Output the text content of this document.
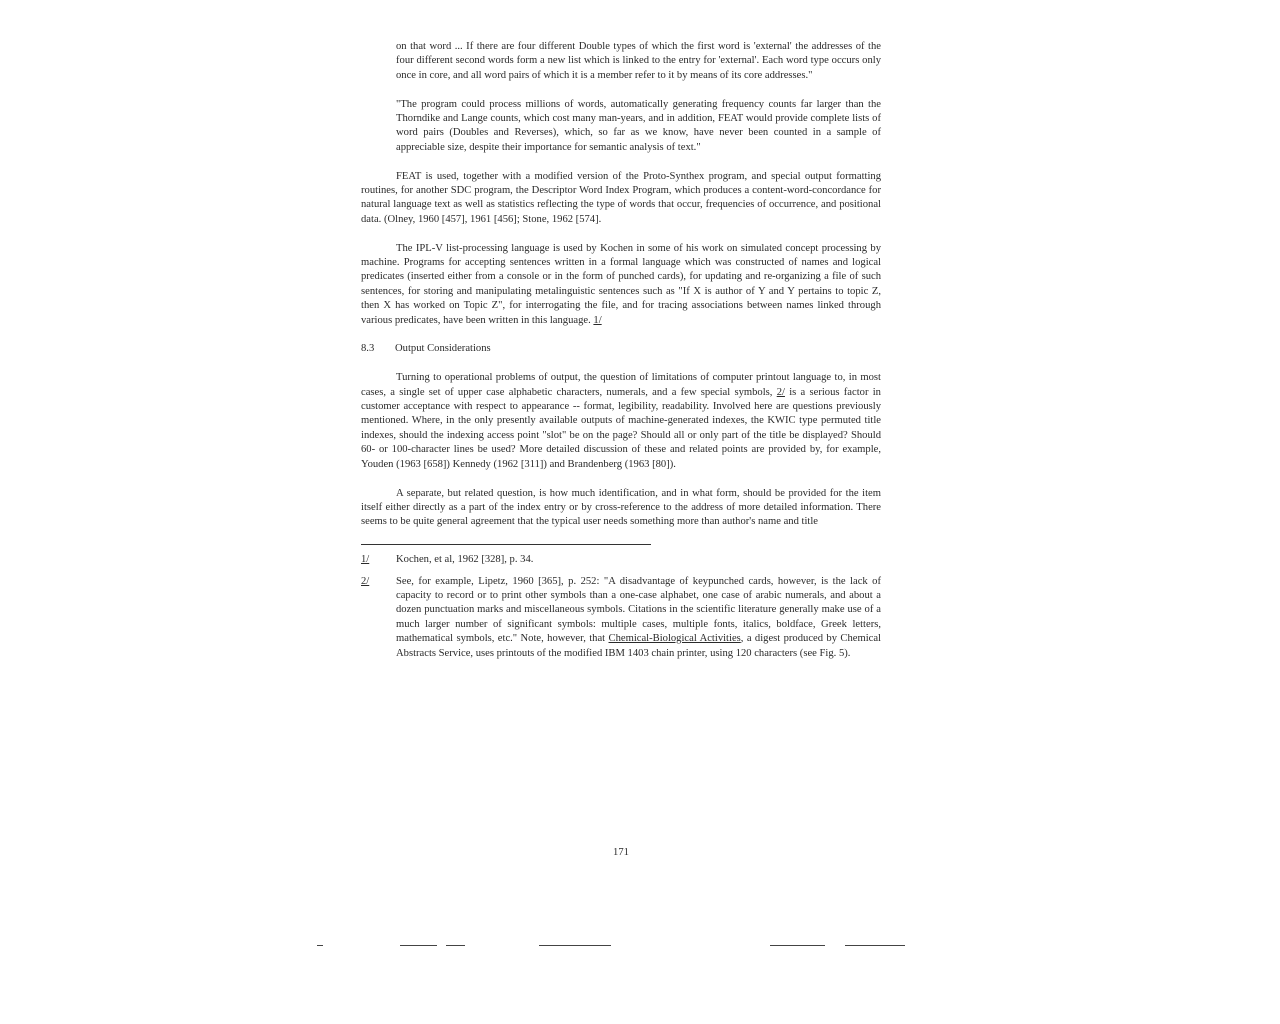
on that word ... If there are four different Double types of which the first word is 'external' the addresses of the four different second words form a new list which is linked to the entry for 'external'. Each word type occurs only once in core, and all word pairs of which it is a member refer to it by means of its core addresses."

"The program could process millions of words, automatically generating frequency counts far larger than the Thorndike and Lange counts, which cost many man-years, and in addition, FEAT would provide complete lists of word pairs (Doubles and Reverses), which, so far as we know, have never been counted in a sample of appreciable size, despite their importance for semantic analysis of text."

FEAT is used, together with a modified version of the Proto-Synthex program, and special output formatting routines, for another SDC program, the Descriptor Word Index Program, which produces a content-word-concordance for natural language text as well as statistics reflecting the type of words that occur, frequencies of occurrence, and positional data. (Olney, 1960 [457], 1961 [456]; Stone, 1962 [574].

The IPL-V list-processing language is used by Kochen in some of his work on simulated concept processing by machine. Programs for accepting sentences written in a formal language which was constructed of names and logical predicates (inserted either from a console or in the form of punched cards), for updating and re-organizing a file of such sentences, for storing and manipulating metalinguistic sentences such as "If X is author of Y and Y pertains to topic Z, then X has worked on Topic Z", for interrogating the file, and for tracing associations between names linked through various predicates, have been written in this language. 1/

8.3 Output Considerations

Turning to operational problems of output, the question of limitations of computer printout language to, in most cases, a single set of upper case alphabetic characters, numerals, and a few special symbols, 2/ is a serious factor in customer acceptance with respect to appearance -- format, legibility, readability. Involved here are questions previously mentioned. Where, in the only presently available outputs of machine-generated indexes, the KWIC type permuted title indexes, should the indexing access point "slot" be on the page? Should all or only part of the title be displayed? Should 60- or 100-character lines be used? More detailed discussion of these and related points are provided by, for example, Youden (1963 [658]) Kennedy (1962 [311]) and Brandenberg (1963 [80]).

A separate, but related question, is how much identification, and in what form, should be provided for the item itself either directly as a part of the index entry or by cross-reference to the address of more detailed information. There seems to be quite general agreement that the typical user needs something more than author's name and title

1/	Kochen, et al, 1962 [328], p. 34.
2/	See, for example, Lipetz, 1960 [365], p. 252: "A disadvantage of keypunched cards, however, is the lack of capacity to record or to print other symbols than a one-case alphabet, one case of arabic numerals, and about a dozen punctuation marks and miscellaneous symbols. Citations in the scientific literature generally make use of a much larger number of significant symbols: multiple cases, multiple fonts, italics, boldface, Greek letters, mathematical symbols, etc." Note, however, that Chemical-Biological Activities, a digest produced by Chemical Abstracts Service, uses printouts of the modified IBM 1403 chain printer, using 120 characters (see Fig. 5).
171
